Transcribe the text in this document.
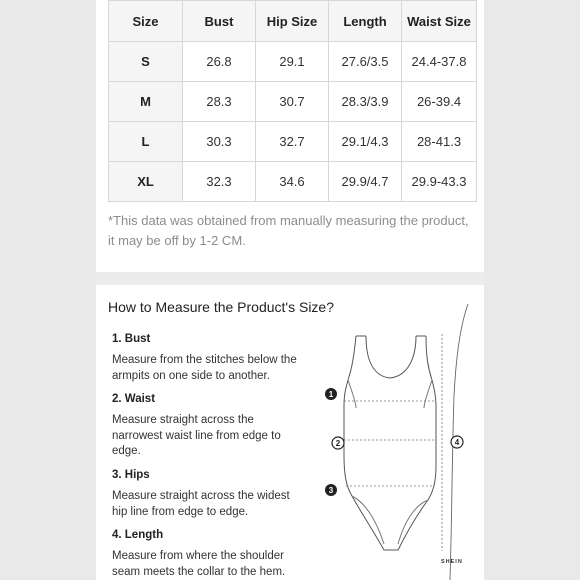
Size	Bust	Hip Size	Length	Waist Size
S	26.8	29.1	27.6/3.5	24.4-37.8
M	28.3	30.7	28.3/3.9	26-39.4
L	30.3	32.7	29.1/4.3	28-41.3
XL	32.3	34.6	29.9/4.7	29.9-43.3
*This data was obtained from manually measuring the product,
it may be off by 1-2 CM.
How to Measure the Product's Size?

1. Bust

Measure from the stitches below the
armpits on one side to another.

2. Waist

Measure straight across the
narrowest waist line from edge to
edge.

3. Hips

Measure straight across the widest
hip line from edge to edge.

4. Length

Measure from where the shoulder
seam meets the collar to the hem.

1
2
3
4
SHEIN
